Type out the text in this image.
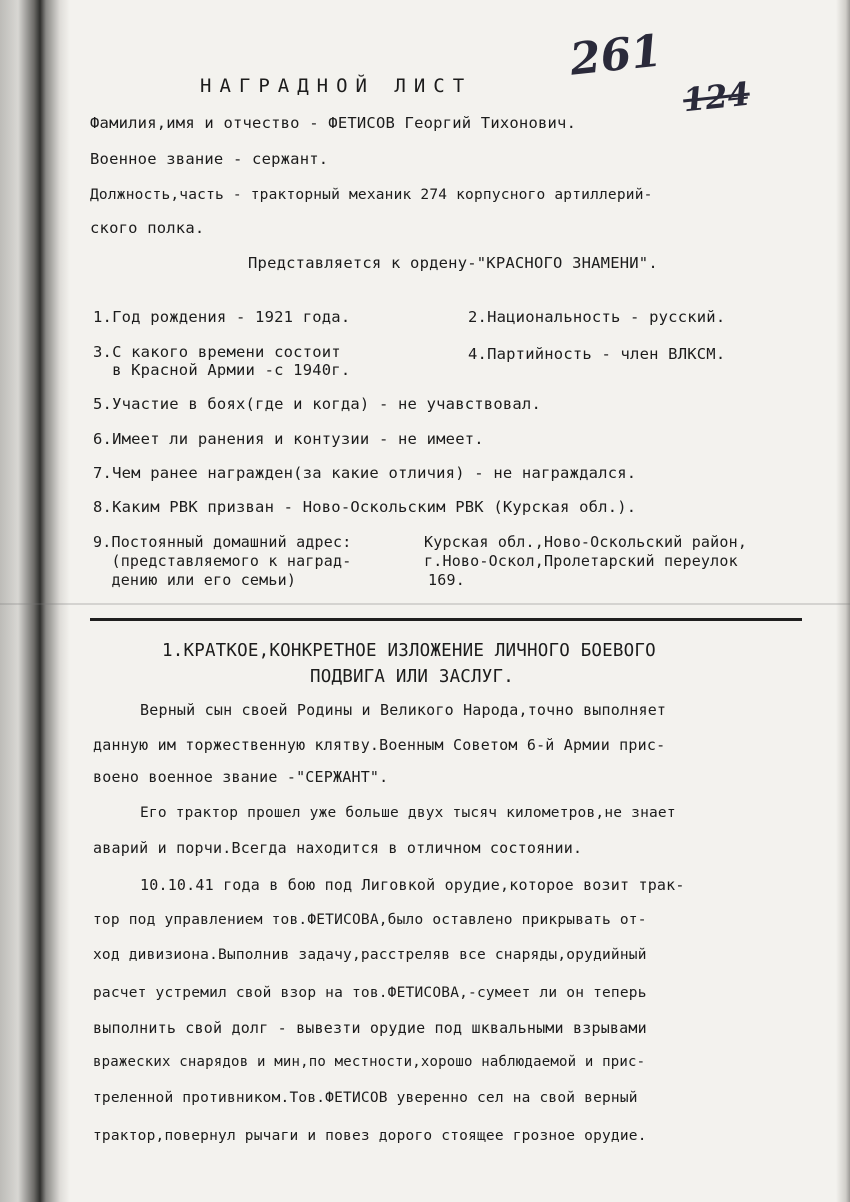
261
124
НАГРАДНОЙ ЛИСТ
Фамилия,имя и отчество - ФЕТИСОВ Георгий Тихонович.
Военное звание - сержант.
Должность,часть - тракторный механик 274 корпусного артиллерий-
ского полка.
Представляется к ордену-"КРАСНОГО ЗНАМЕНИ".
1.Год рождения - 1921 года.	2.Национальность - русский.
3.С какого времени состоит
в Красной Армии -с 1940г.
4.Партийность - член ВЛКСМ.
5.Участие в боях(где и когда) - не учавствовал.
6.Имеет ли ранения и контузии - не имеет.
7.Чем ранее награжден(за какие отличия) - не награждался.
8.Каким РВК призван - Ново-Оскольским РВК (Курская обл.).
9.Постоянный домашний адрес:
(представляемого к наград-
дению или его семьи)
Курская обл.,Ново-Оскольский район,
г.Ново-Оскол,Пролетарский переулок
169.
1.КРАТКОЕ,КОНКРЕТНОЕ ИЗЛОЖЕНИЕ ЛИЧНОГО БОЕВОГО
ПОДВИГА ИЛИ ЗАСЛУГ.
Верный сын своей Родины и Великого Народа,точно выполняет
данную им торжественную клятву.Военным Советом 6-й Армии прис-
воено военное звание -"СЕРЖАНТ".
Его трактор прошел уже больше двух тысяч километров,не знает
аварий и порчи.Всегда находится в отличном состоянии.
10.10.41 года в бою под Лиговкой орудие,которое возит трак-
тор под управлением тов.ФЕТИСОВА,было оставлено прикрывать от-
ход дивизиона.Выполнив задачу,расстреляв все снаряды,орудийный
расчет устремил свой взор на тов.ФЕТИСОВА,-сумеет ли он теперь
выполнить свой долг - вывезти орудие под шквальными взрывами
вражеских снарядов и мин,по местности,хорошо наблюдаемой и прис-
треленной противником.Тов.ФЕТИСОВ уверенно сел на свой верный
трактор,повернул рычаги и повез дорого стоящее грозное орудие.
